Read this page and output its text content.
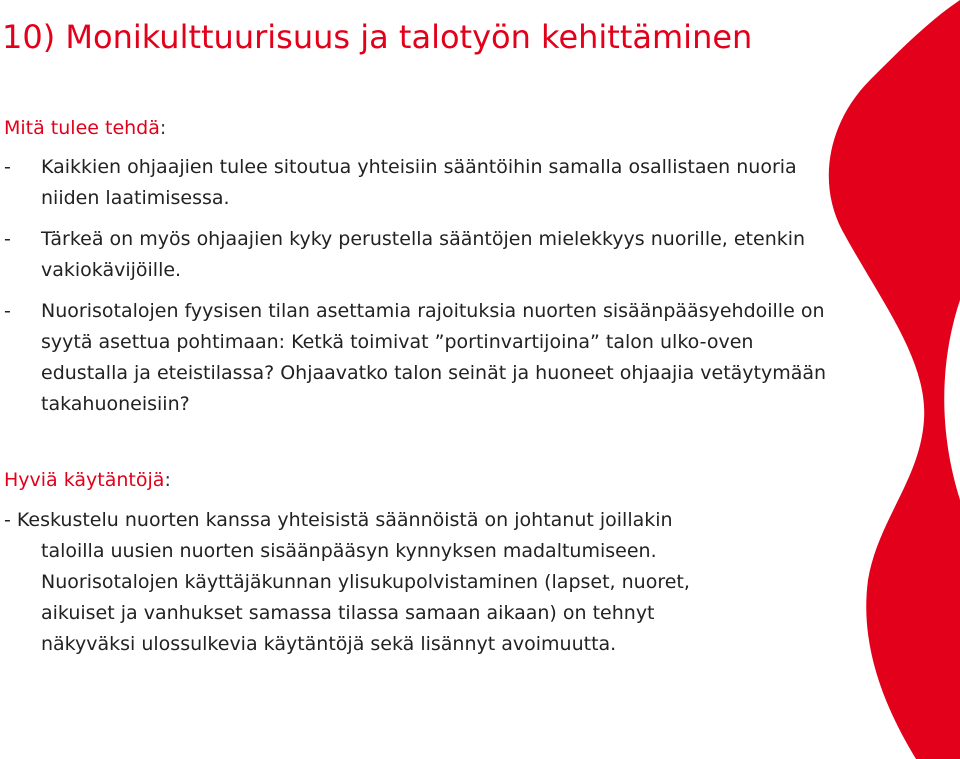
10) Monikulttuurisuus ja talotyön kehittäminen

Mitä tulee tehdä:

-	Kaikkien ohjaajien tulee sitoutua yhteisiin sääntöihin samalla osallistaen nuoria niiden laatimisessa.
-	Tärkeä on myös ohjaajien kyky perustella sääntöjen mielekkyys nuorille, etenkin vakiokävijöille.
-	Nuorisotalojen fyysisen tilan asettamia rajoituksia nuorten sisäänpääsyehdoille on syytä asettua pohtimaan: Ketkä toimivat ”portinvartijoina” talon ulko-oven edustalla ja eteistilassa? Ohjaavatko talon seinät ja huoneet ohjaajia vetäytymään takahuoneisiin?

Hyviä käytäntöjä:

- Keskustelu nuorten kanssa yhteisistä säännöistä on johtanut joillakin
taloilla uusien nuorten sisäänpääsyn kynnyksen madaltumiseen.
Nuorisotalojen käyttäjäkunnan ylisukupolvistaminen (lapset, nuoret,
aikuiset ja vanhukset samassa tilassa samaan aikaan) on tehnyt
näkyväksi ulossulkevia käytäntöjä sekä lisännyt avoimuutta.
